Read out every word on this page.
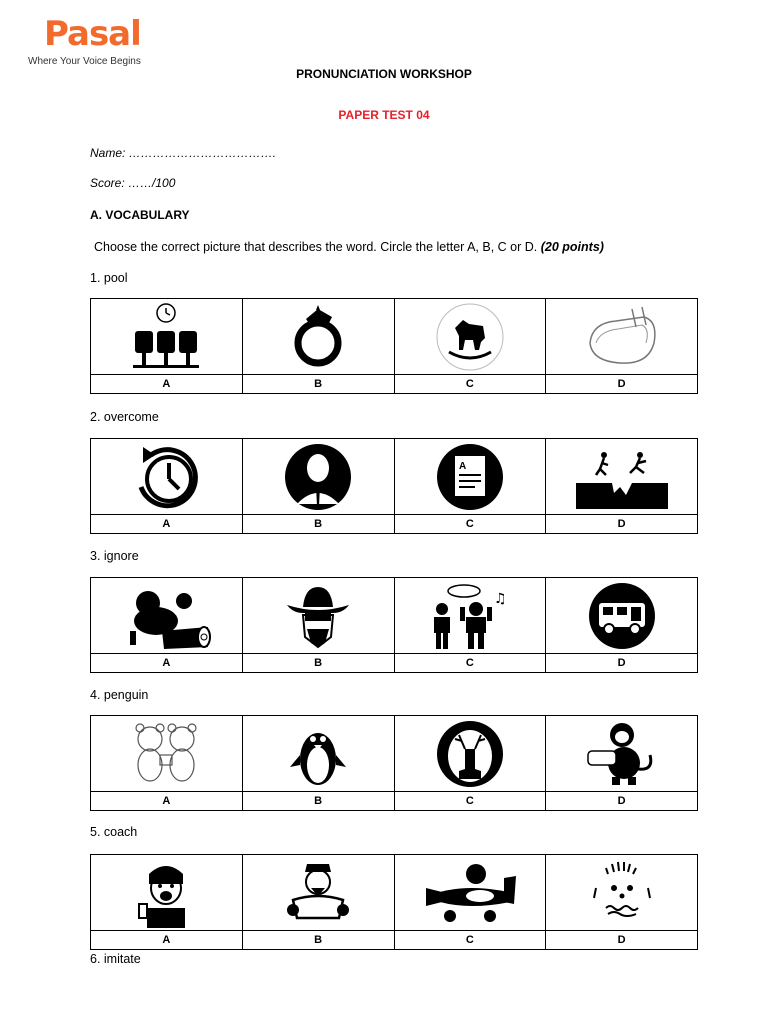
Pasal
Where Your Voice Begins
PRONUNCIATION WORKSHOP
PAPER TEST 04
Name: ……………………………….
Score: ……/100
A. VOCABULARY
Choose the correct picture that describes the word. Circle the letter A, B, C or D. (20 points)
1. pool

A	B	C	D
2. overcome

A

A	B	C	D
3. ignore

♫

A	B	C	D
4. penguin

A	B	C	D
5. coach

A	B	C	D
6. imitate
